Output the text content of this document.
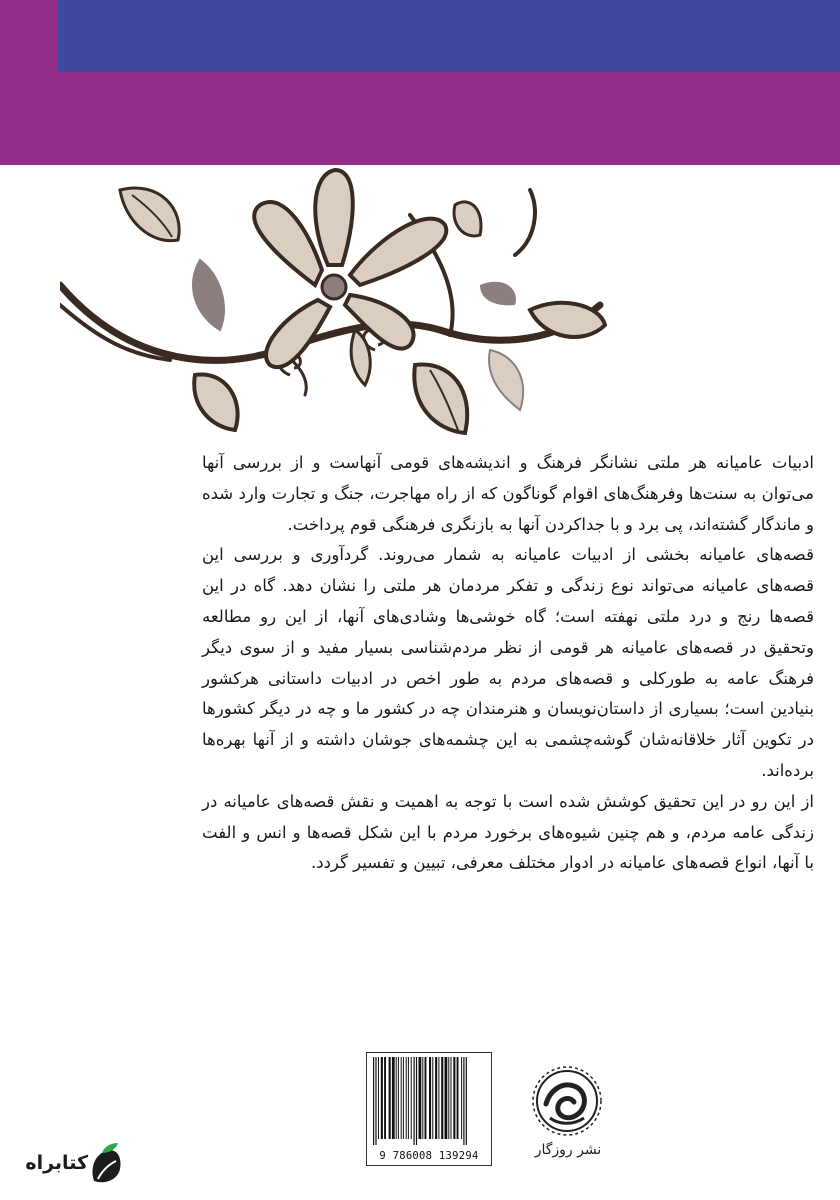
ادبیات عامیانه هر ملتی نشانگر فرهنگ و اندیشه‌های قومی آنهاست و از بررسی آنها می‌توان به سنت‌ها وفرهنگ‌های اقوام گوناگون که از راه مهاجرت، جنگ و تجارت وارد شده و ماندگار گشته‌اند، پی برد و با جداکردن آنها به بازنگری فرهنگی قوم پرداخت.

قصه‌های عامیانه بخشی از ادبیات عامیانه به شمار می‌روند. گردآوری و بررسی این قصه‌های عامیانه می‌تواند نوع زندگی و تفکر مردمان هر ملتی را نشان دهد. گاه در این قصه‌ها رنج و درد ملتی نهفته است؛ گاه خوشی‌ها وشادی‌های آنها، از این رو مطالعه وتحقیق در قصه‌های عامیانه هر قومی از نظر مردم‌شناسی بسیار مفید و از سوی دیگر فرهنگ عامه به طورکلی و قصه‌های مردم به طور اخص در ادبیات داستانی هرکشور بنیادین است؛ بسیاری از داستان‌نویسان و هنرمندان چه در کشور ما و چه در دیگر کشورها در تکوین آثار خلاقانه‌شان گوشه‌چشمی به این چشمه‌های جوشان داشته و از آنها بهره‌ها برده‌اند.

از این رو در این تحقیق کوشش شده است با توجه به اهمیت و نقش قصه‌های عامیانه در زندگی عامه مردم، و هم چنین شیوه‌های برخورد مردم با این شکل قصه‌ها و انس و الفت با آنها، انواع قصه‌های عامیانه در ادوار مختلف معرفی، تبیین و تفسیر گردد.

9 786008 139294	نشر روزگار
کتابراه
